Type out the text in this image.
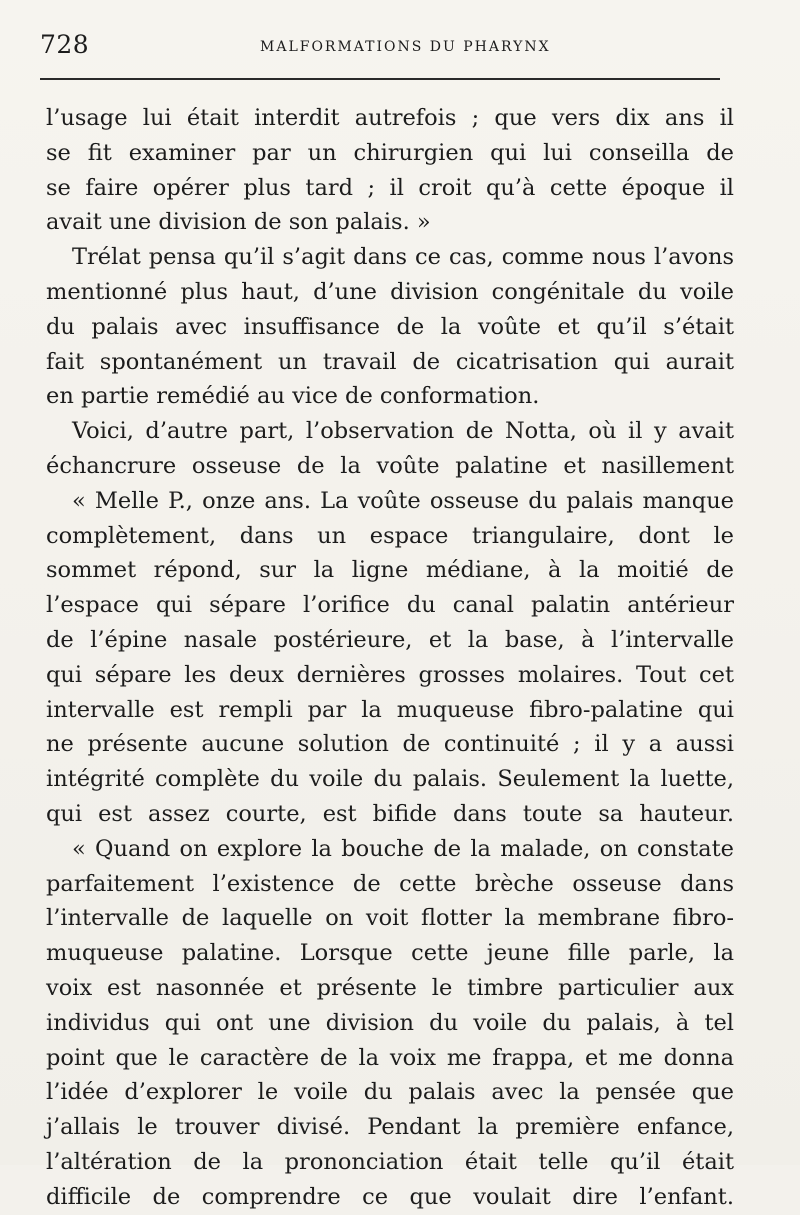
728	MALFORMATIONS DU PHARYNX
l’usage lui était interdit autrefois ; que vers dix ans il
se fit examiner par un chirurgien qui lui conseilla de
se faire opérer plus tard ; il croit qu’à cette époque il
avait une division de son palais. »
Trélat pensa qu’il s’agit dans ce cas, comme nous l’avons
mentionné plus haut, d’une division congénitale du voile
du palais avec insuffisance de la voûte et qu’il s’était
fait spontanément un travail de cicatrisation qui aurait
en partie remédié au vice de conformation.
Voici, d’autre part, l’observation de Notta, où il y avait
échancrure osseuse de la voûte palatine et nasillement
« Melle P., onze ans. La voûte osseuse du palais manque
complètement, dans un espace triangulaire, dont le
sommet répond, sur la ligne médiane, à la moitié de
l’espace qui sépare l’orifice du canal palatin antérieur
de l’épine nasale postérieure, et la base, à l’intervalle
qui sépare les deux dernières grosses molaires. Tout cet
intervalle est rempli par la muqueuse fibro-palatine qui
ne présente aucune solution de continuité ; il y a aussi
intégrité complète du voile du palais. Seulement la luette,
qui est assez courte, est bifide dans toute sa hauteur.
« Quand on explore la bouche de la malade, on constate
parfaitement l’existence de cette brèche osseuse dans
l’intervalle de laquelle on voit flotter la membrane fibro-
muqueuse palatine. Lorsque cette jeune fille parle, la
voix est nasonnée et présente le timbre particulier aux
individus qui ont une division du voile du palais, à tel
point que le caractère de la voix me frappa, et me donna
l’idée d’explorer le voile du palais avec la pensée que
j’allais le trouver divisé. Pendant la première enfance,
l’altération de la prononciation était telle qu’il était
difficile de comprendre ce que voulait dire l’enfant.
